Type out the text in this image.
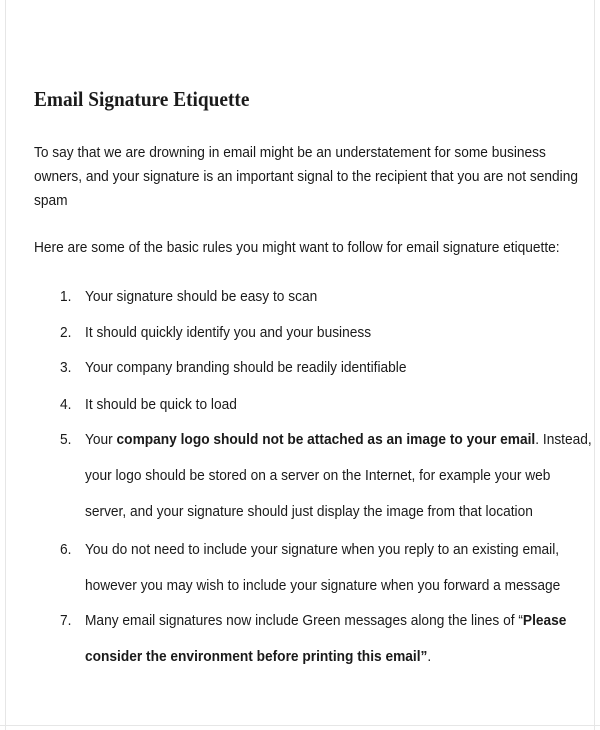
Email Signature Etiquette

To say that we are drowning in email might be an understatement for some business
owners, and your signature is an important signal to the recipient that you are not sending
spam

Here are some of the basic rules you might want to follow for email signature etiquette:

1. Your signature should be easy to scan
2. It should quickly identify you and your business
3. Your company branding should be readily identifiable
4. It should be quick to load
5. Your company logo should not be attached as an image to your email. Instead,
your logo should be stored on a server on the Internet, for example your web
server, and your signature should just display the image from that location
6. You do not need to include your signature when you reply to an existing email,
however you may wish to include your signature when you forward a message
7. Many email signatures now include Green messages along the lines of “Please
consider the environment before printing this email”.
